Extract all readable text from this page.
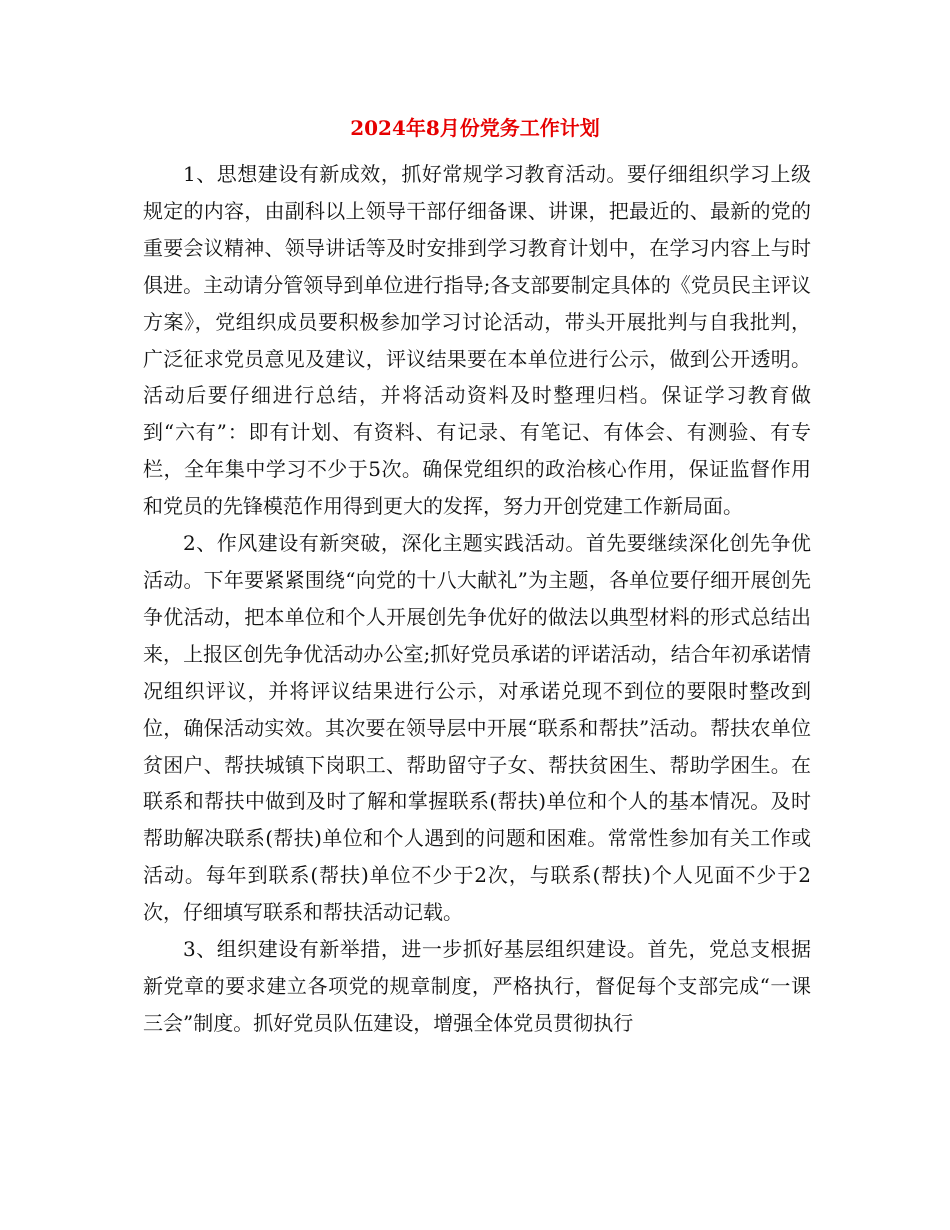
2024年8月份党务工作计划

1、思想建设有新成效，抓好常规学习教育活动。要仔细组织学习上级规定的内容，由副科以上领导干部仔细备课、讲课，把最近的、最新的党的重要会议精神、领导讲话等及时安排到学习教育计划中，在学习内容上与时俱进。主动请分管领导到单位进行指导;各支部要制定具体的《党员民主评议方案》，党组织成员要积极参加学习讨论活动，带头开展批判与自我批判，广泛征求党员意见及建议，评议结果要在本单位进行公示，做到公开透明。活动后要仔细进行总结，并将活动资料及时整理归档。保证学习教育做到“六有”：即有计划、有资料、有记录、有笔记、有体会、有测验、有专栏，全年集中学习不少于5次。确保党组织的政治核心作用，保证监督作用和党员的先锋模范作用得到更大的发挥，努力开创党建工作新局面。

2、作风建设有新突破，深化主题实践活动。首先要继续深化创先争优活动。下年要紧紧围绕“向党的十八大献礼”为主题，各单位要仔细开展创先争优活动，把本单位和个人开展创先争优好的做法以典型材料的形式总结出来，上报区创先争优活动办公室;抓好党员承诺的评诺活动，结合年初承诺情况组织评议，并将评议结果进行公示，对承诺兑现不到位的要限时整改到位，确保活动实效。其次要在领导层中开展“联系和帮扶”活动。帮扶农单位贫困户、帮扶城镇下岗职工、帮助留守子女、帮扶贫困生、帮助学困生。在联系和帮扶中做到及时了解和掌握联系(帮扶)单位和个人的基本情况。及时帮助解决联系(帮扶)单位和个人遇到的问题和困难。常常性参加有关工作或活动。每年到联系(帮扶)单位不少于2次，与联系(帮扶)个人见面不少于2次，仔细填写联系和帮扶活动记载。

3、组织建设有新举措，进一步抓好基层组织建设。首先，党总支根据新党章的要求建立各项党的规章制度，严格执行，督促每个支部完成“一课三会”制度。抓好党员队伍建设，增强全体党员贯彻执行
